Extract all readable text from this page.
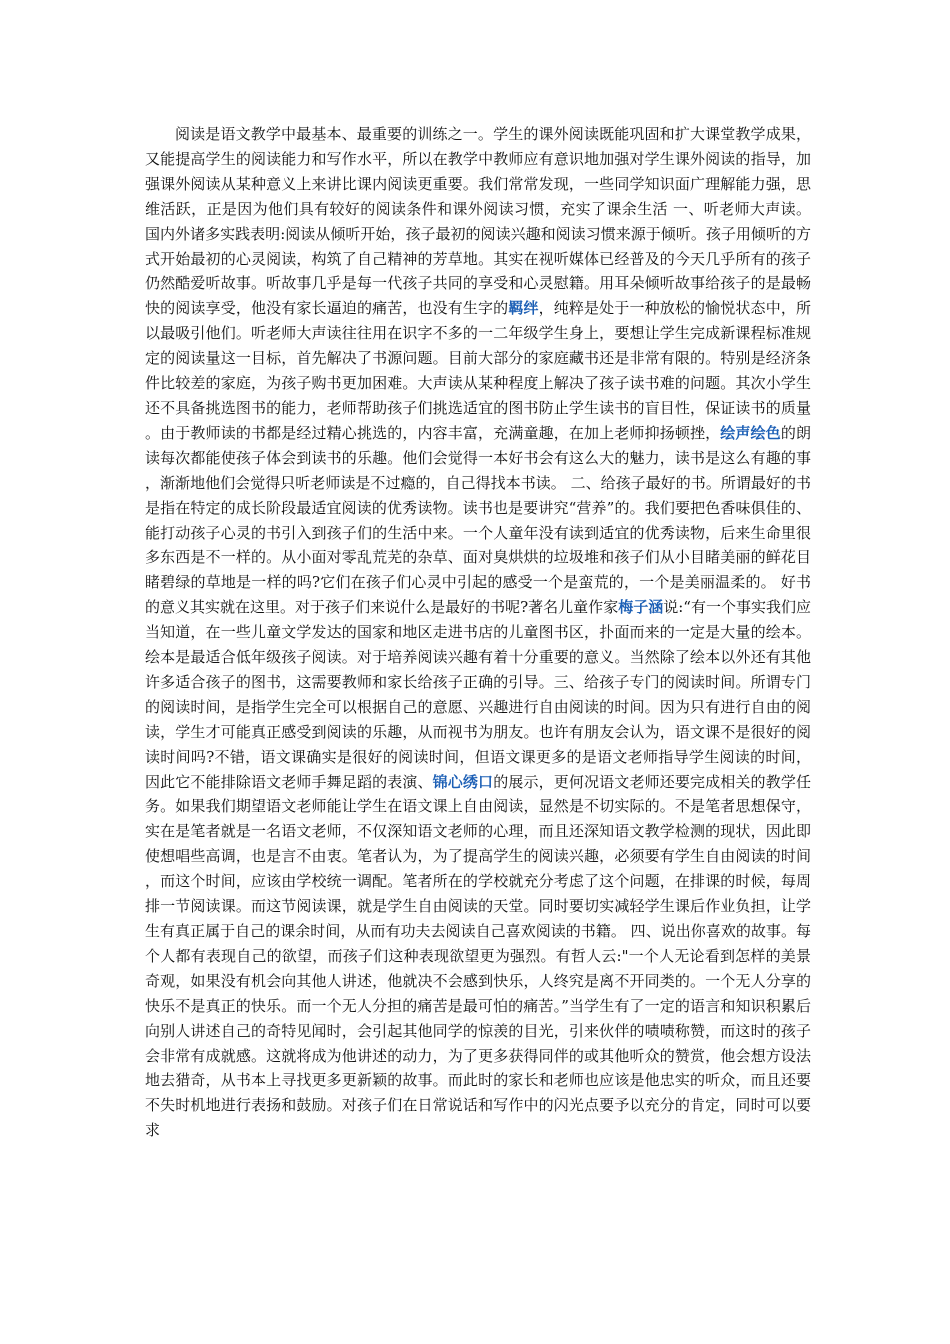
阅读是语文教学中最基本、最重要的训练之一。学生的课外阅读既能巩固和扩大课堂教学成果，又能提高学生的阅读能力和写作水平，所以在教学中教师应有意识地加强对学生课外阅读的指导，加强课外阅读从某种意义上来讲比课内阅读更重要。我们常常发现，一些同学知识面广理解能力强，思维活跃，正是因为他们具有较好的阅读条件和课外阅读习惯，充实了课余生活 一、听老师大声读。 国内外诸多实践表明:阅读从倾听开始，孩子最初的阅读兴趣和阅读习惯来源于倾听。孩子用倾听的方式开始最初的心灵阅读，构筑了自己精神的芳草地。其实在视听媒体已经普及的今天几乎所有的孩子仍然酷爱听故事。听故事几乎是每一代孩子共同的享受和心灵慰籍。用耳朵倾听故事给孩子的是最畅快的阅读享受，他没有家长逼迫的痛苦，也没有生字的羁绊，纯粹是处于一种放松的愉悦状态中，所以最吸引他们。听老师大声读往往用在识字不多的一二年级学生身上，要想让学生完成新课程标准规定的阅读量这一目标，首先解决了书源问题。目前大部分的家庭藏书还是非常有限的。特别是经济条件比较差的家庭，为孩子购书更加困难。大声读从某种程度上解决了孩子读书难的问题。其次小学生还不具备挑选图书的能力，老师帮助孩子们挑选适宜的图书防止学生读书的盲目性，保证读书的质量。由于教师读的书都是经过精心挑选的，内容丰富，充满童趣，在加上老师抑扬顿挫，绘声绘色的朗读每次都能使孩子体会到读书的乐趣。他们会觉得一本好书会有这么大的魅力，读书是这么有趣的事，渐渐地他们会觉得只听老师读是不过瘾的，自己得找本书读。 二、给孩子最好的书。所谓最好的书是指在特定的成长阶段最适宜阅读的优秀读物。读书也是要讲究“营养”的。我们要把色香味俱佳的、能打动孩子心灵的书引入到孩子们的生活中来。一个人童年没有读到适宜的优秀读物，后来生命里很多东西是不一样的。从小面对零乱荒芜的杂草、面对臭烘烘的垃圾堆和孩子们从小目睹美丽的鲜花目睹碧绿的草地是一样的吗?它们在孩子们心灵中引起的感受一个是蛮荒的，一个是美丽温柔的。 好书的意义其实就在这里。对于孩子们来说什么是最好的书呢?著名儿童作家梅子涵说:“有一个事实我们应当知道，在一些儿童文学发达的国家和地区走进书店的儿童图书区，扑面而来的一定是大量的绘本。绘本是最适合低年级孩子阅读。对于培养阅读兴趣有着十分重要的意义。当然除了绘本以外还有其他许多适合孩子的图书，这需要教师和家长给孩子正确的引导。三、给孩子专门的阅读时间。所谓专门的阅读时间，是指学生完全可以根据自己的意愿、兴趣进行自由阅读的时间。因为只有进行自由的阅读，学生才可能真正感受到阅读的乐趣，从而视书为朋友。也许有朋友会认为，语文课不是很好的阅读时间吗?不错，语文课确实是很好的阅读时间，但语文课更多的是语文老师指导学生阅读的时间，因此它不能排除语文老师手舞足蹈的表演、锦心绣口的展示，更何况语文老师还要完成相关的教学任务。如果我们期望语文老师能让学生在语文课上自由阅读，显然是不切实际的。不是笔者思想保守，实在是笔者就是一名语文老师，不仅深知语文老师的心理，而且还深知语文教学检测的现状，因此即使想唱些高调，也是言不由衷。笔者认为，为了提高学生的阅读兴趣，必须要有学生自由阅读的时间，而这个时间，应该由学校统一调配。笔者所在的学校就充分考虑了这个问题，在排课的时候，每周排一节阅读课。而这节阅读课，就是学生自由阅读的天堂。同时要切实减轻学生课后作业负担，让学生有真正属于自己的课余时间，从而有功夫去阅读自己喜欢阅读的书籍。 四、说出你喜欢的故事。每个人都有表现自己的欲望，而孩子们这种表现欲望更为强烈。有哲人云:"一个人无论看到怎样的美景奇观，如果没有机会向其他人讲述，他就决不会感到快乐，人终究是离不开同类的。一个无人分享的快乐不是真正的快乐。而一个无人分担的痛苦是最可怕的痛苦。”当学生有了一定的语言和知识积累后向别人讲述自己的奇特见闻时，会引起其他同学的惊羡的目光，引来伙伴的啧啧称赞，而这时的孩子会非常有成就感。这就将成为他讲述的动力，为了更多获得同伴的或其他听众的赞赏，他会想方设法地去猎奇，从书本上寻找更多更新颖的故事。而此时的家长和老师也应该是他忠实的听众，而且还要不失时机地进行表扬和鼓励。对孩子们在日常说话和写作中的闪光点要予以充分的肯定，同时可以要求
